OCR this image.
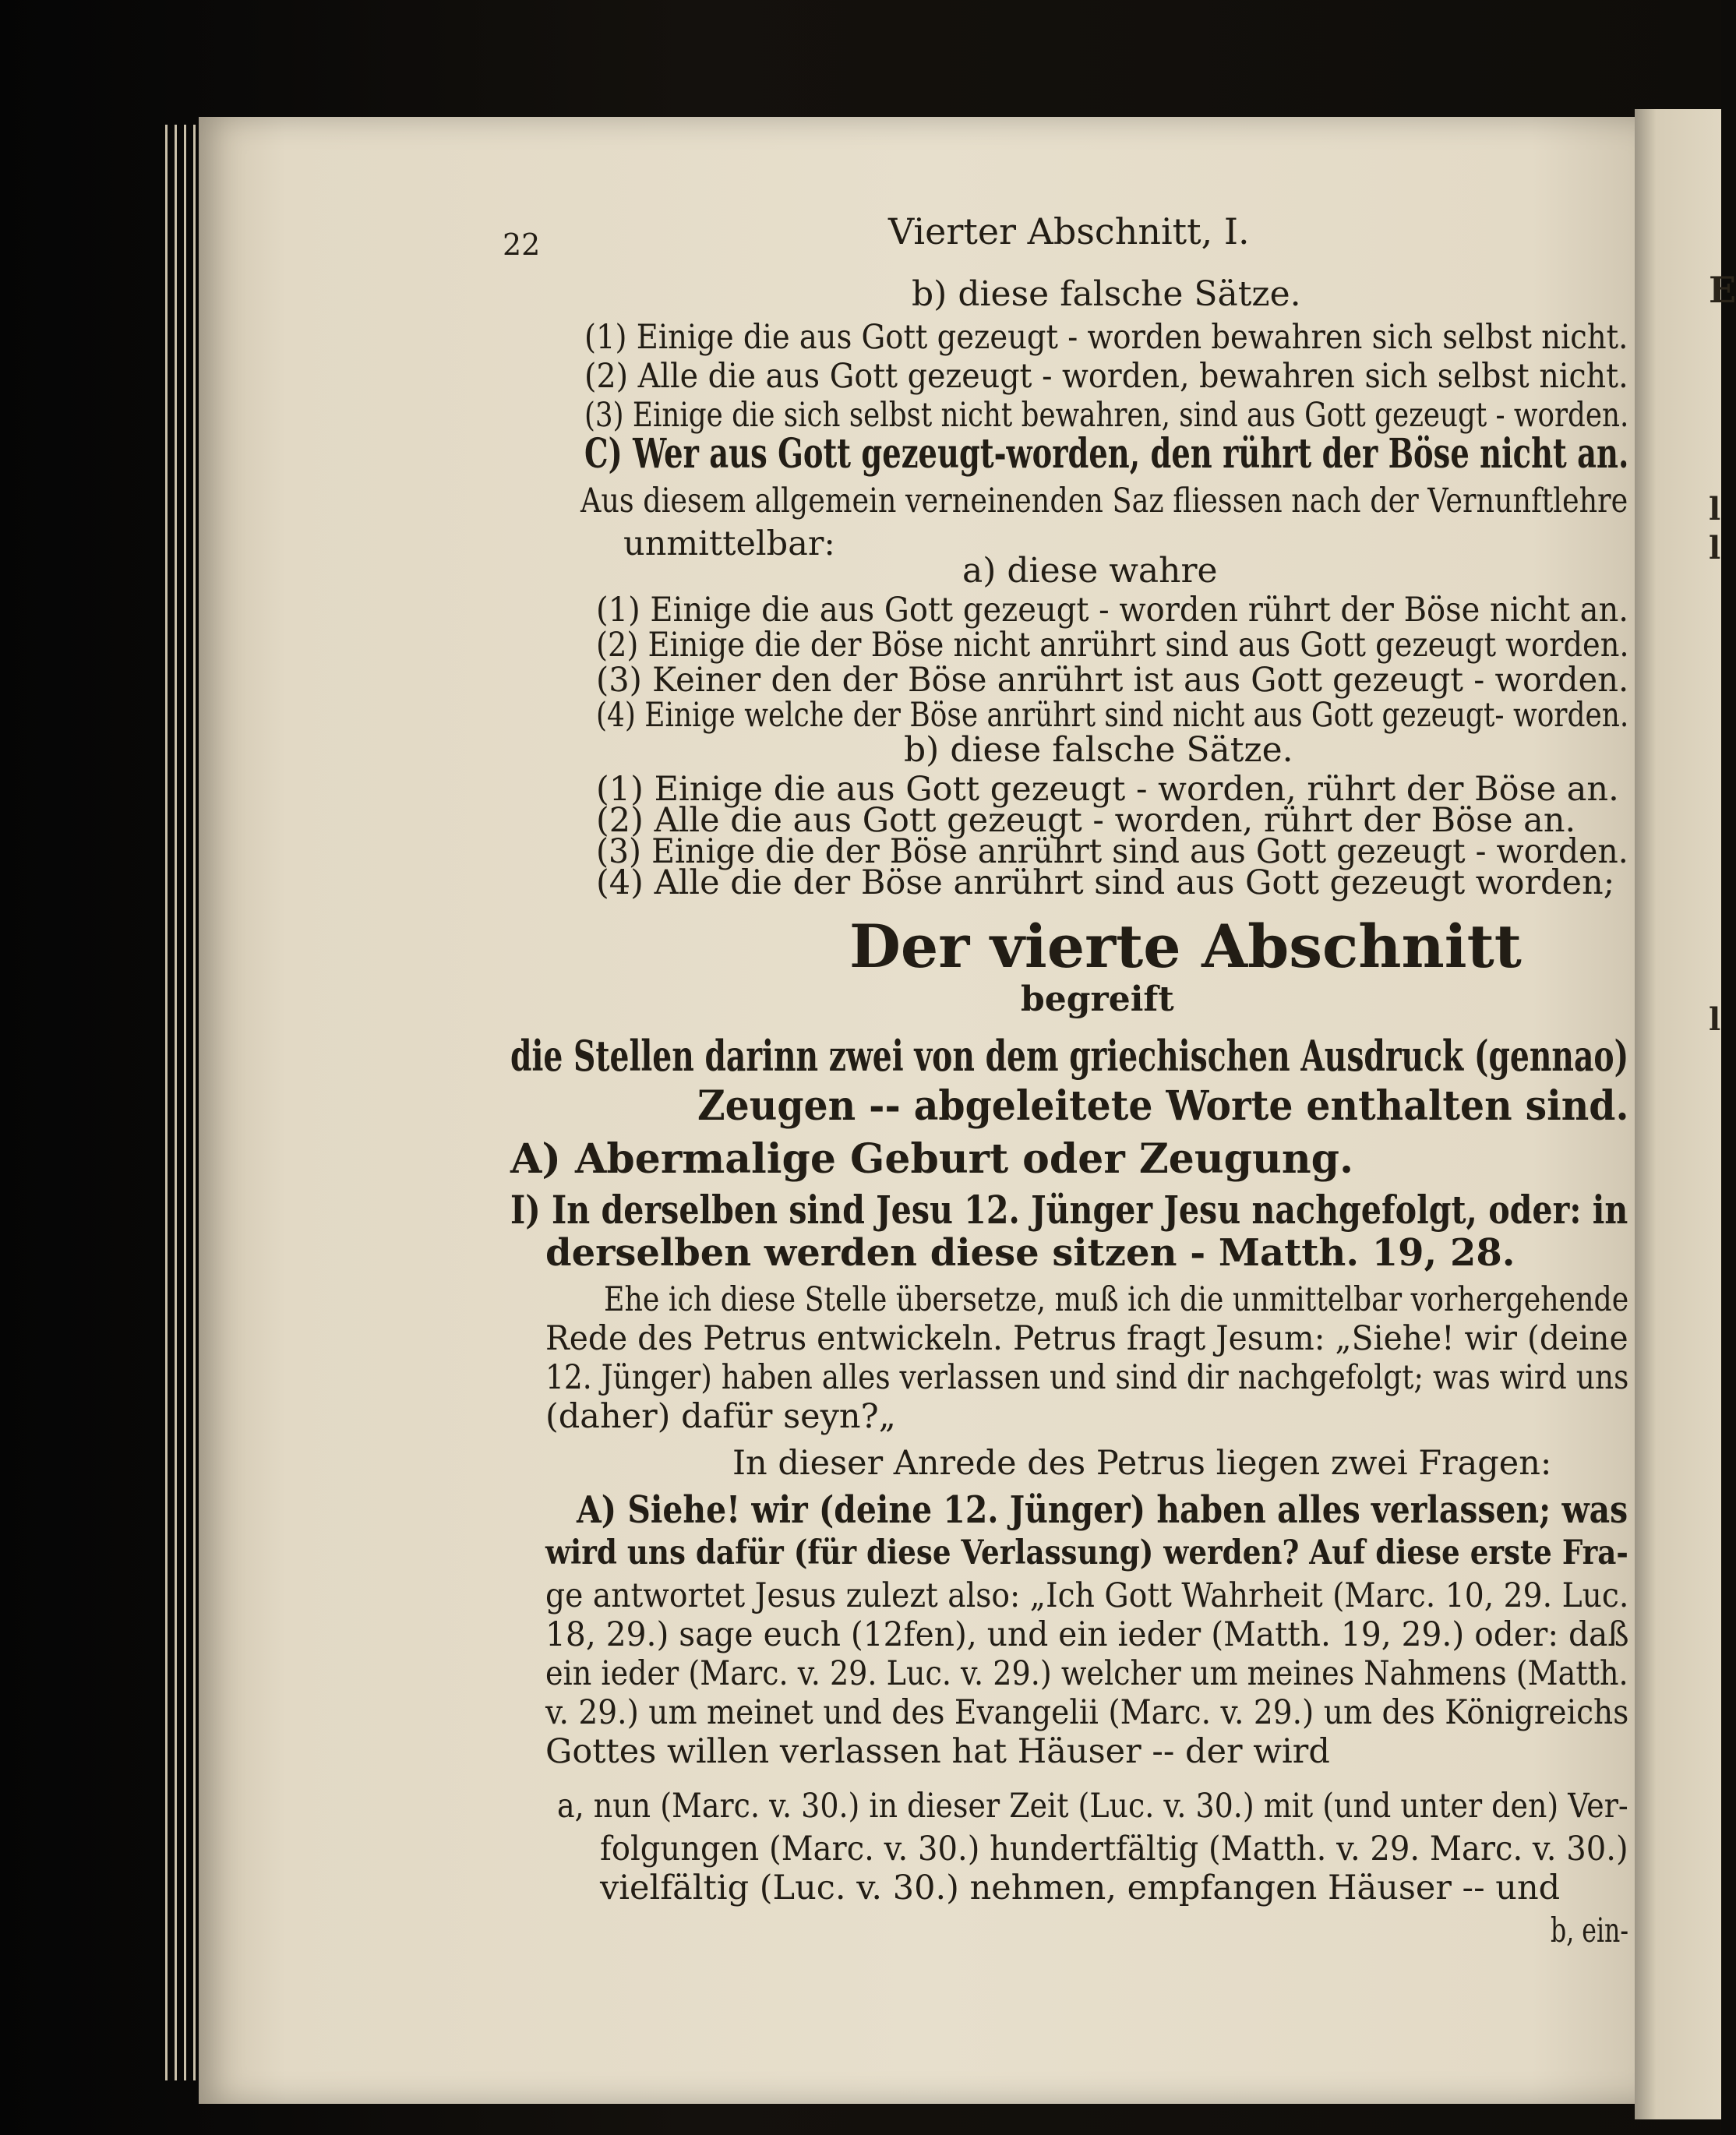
E
l
l
l
22	Vierter Abschnitt, I.
b) diese falsche Sätze.
(1) Einige die aus Gott gezeugt - worden bewahren sich selbst nicht.
(2) Alle die aus Gott gezeugt - worden, bewahren sich selbst nicht.
(3) Einige die sich selbst nicht bewahren, sind aus Gott gezeugt - worden.
C) Wer aus Gott gezeugt-worden, den rührt der Böse nicht an.
Aus diesem allgemein verneinenden Saz fliessen nach der Vernunftlehre
unmittelbar:
a) diese wahre
(1) Einige die aus Gott gezeugt - worden rührt der Böse nicht an.
(2) Einige die der Böse nicht anrührt sind aus Gott gezeugt worden.
(3) Keiner den der Böse anrührt ist aus Gott gezeugt - worden.
(4) Einige welche der Böse anrührt sind nicht aus Gott gezeugt- worden.
b) diese falsche Sätze.
(1) Einige die aus Gott gezeugt - worden, rührt der Böse an.
(2) Alle die aus Gott gezeugt - worden, rührt der Böse an.
(3) Einige die der Böse anrührt sind aus Gott gezeugt - worden.
(4) Alle die der Böse anrührt sind aus Gott gezeugt worden;
Der vierte Abschnitt
begreift
die Stellen darinn zwei von dem griechischen Ausdruck (gennao)
Zeugen -- abgeleitete Worte enthalten sind.
A) Abermalige Geburt oder Zeugung.
I) In derselben sind Jesu 12. Jünger Jesu nachgefolgt, oder: in
derselben werden diese sitzen - Matth. 19, 28.
Ehe ich diese Stelle übersetze, muß ich die unmittelbar vorhergehende
Rede des Petrus entwickeln. Petrus fragt Jesum: „Siehe! wir (deine
12. Jünger) haben alles verlassen und sind dir nachgefolgt; was wird uns
(daher) dafür seyn?„
In dieser Anrede des Petrus liegen zwei Fragen:
A) Siehe! wir (deine 12. Jünger) haben alles verlassen; was
wird uns dafür (für diese Verlassung) werden? Auf diese erste Fra-
ge antwortet Jesus zulezt also: „Ich Gott Wahrheit (Marc. 10, 29. Luc.
18, 29.) sage euch (12fen), und ein ieder (Matth. 19, 29.) oder: daß
ein ieder (Marc. v. 29. Luc. v. 29.) welcher um meines Nahmens (Matth.
v. 29.) um meinet und des Evangelii (Marc. v. 29.) um des Königreichs
Gottes willen verlassen hat Häuser -- der wird
a, nun (Marc. v. 30.) in dieser Zeit (Luc. v. 30.) mit (und unter den) Ver-
folgungen (Marc. v. 30.) hundertfältig (Matth. v. 29. Marc. v. 30.)
vielfältig (Luc. v. 30.) nehmen, empfangen Häuser -- und
b, ein-
